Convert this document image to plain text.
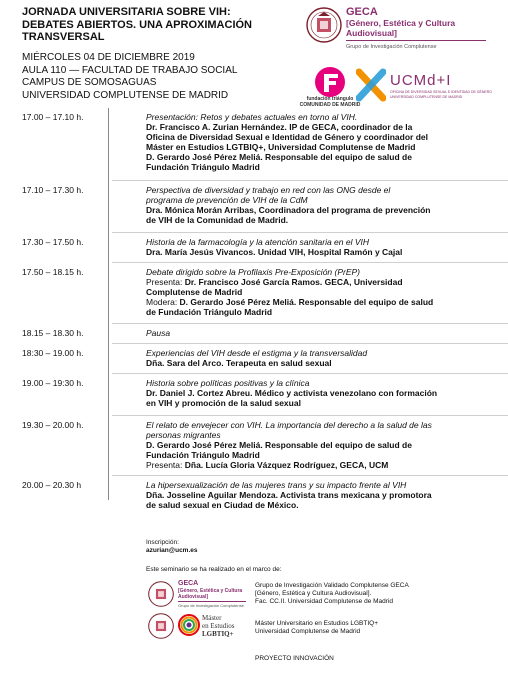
JORNADA UNIVERSITARIA SOBRE VIH:
DEBATES ABIERTOS. UNA APROXIMACIÓN
TRANSVERSAL
MIÉRCOLES 04 DE DICIEMBRE 2019
AULA 110 — FACULTAD DE TRABAJO SOCIAL
CAMPUS DE SOMOSAGUAS
UNIVERSIDAD COMPLUTENSE DE MADRID
GECA
[Género, Estética y Cultura
Audiovisual]
Grupo de Investigación Complutense
fundación triángulo
COMUNIDAD DE MADRID
UCMd+I
OFICINA DE DIVERSIDAD SEXUAL E IDENTIDAD DE GÉNERO
UNIVERSIDAD COMPLUTENSE DE MADRID
17.00 – 17.10 h.	Presentación: Retos y debates actuales en torno al VIH.
Dr. Francisco A. Zurian Hernández. IP de GECA, coordinador de la
Oficina de Diversidad Sexual e Identidad de Género y coordinador del
Máster en Estudios LGTBIQ+, Universidad Complutense de Madrid
D. Gerardo José Pérez Meliá. Responsable del equipo de salud de
Fundación Triángulo Madrid
17.10 – 17.30 h.	Perspectiva de diversidad y trabajo en red con las ONG desde el
programa de prevención de VIH de la CdM
Dra. Mónica Morán Arribas, Coordinadora del programa de prevención
de VIH de la Comunidad de Madrid.
17.30 – 17.50 h.	Historia de la farmacología y la atención sanitaria en el VIH
Dra. María Jesús Vivancos. Unidad VIH, Hospital Ramón y Cajal
17.50 – 18.15 h.	Debate dirigido sobre la Profilaxis Pre-Exposición (PrEP)
Presenta: Dr. Francisco José García Ramos. GECA, Universidad
Complutense de Madrid
Modera: D. Gerardo José Pérez Meliá. Responsable del equipo de salud
de Fundación Triángulo Madrid
18.15 – 18.30 h.	Pausa
18:30 – 19.00 h.	Experiencias del VIH desde el estigma y la transversalidad
Dña. Sara del Arco. Terapeuta en salud sexual
19.00 – 19:30 h.	Historia sobre políticas positivas y la clínica
Dr. Daniel J. Cortez Abreu. Médico y activista venezolano con formación
en VIH y promoción de la salud sexual
19.30 – 20.00 h.	El relato de envejecer con VIH. La importancia del derecho a la salud de las
personas migrantes
D. Gerardo José Pérez Meliá. Responsable del equipo de salud de
Fundación Triángulo Madrid
Presenta: Dña. Lucía Gloria Vázquez Rodríguez, GECA, UCM
20.00 – 20.30 h	La hipersexualización de las mujeres trans y su impacto frente al VIH
Dña. Josseline Aguilar Mendoza. Activista trans mexicana y promotora
de salud sexual en Ciudad de México.
Inscripción:
azurian@ucm.es
Este seminario se ha realizado en el marco de:
GECA
[Género, Estética y Cultura
Audiovisual]
Grupo de Investigación Complutense
Grupo de Investigación Validado Complutense GECA
[Género, Estética y Cultura Audiovisual].
Fac. CC.II. Universidad Complutense de Madrid
Máster
en Estudios
LGBTIQ+
Máster Universitario en Estudios LGBTIQ+
Universidad Complutense de Madrid
PROYECTO INNOVACIÓN
